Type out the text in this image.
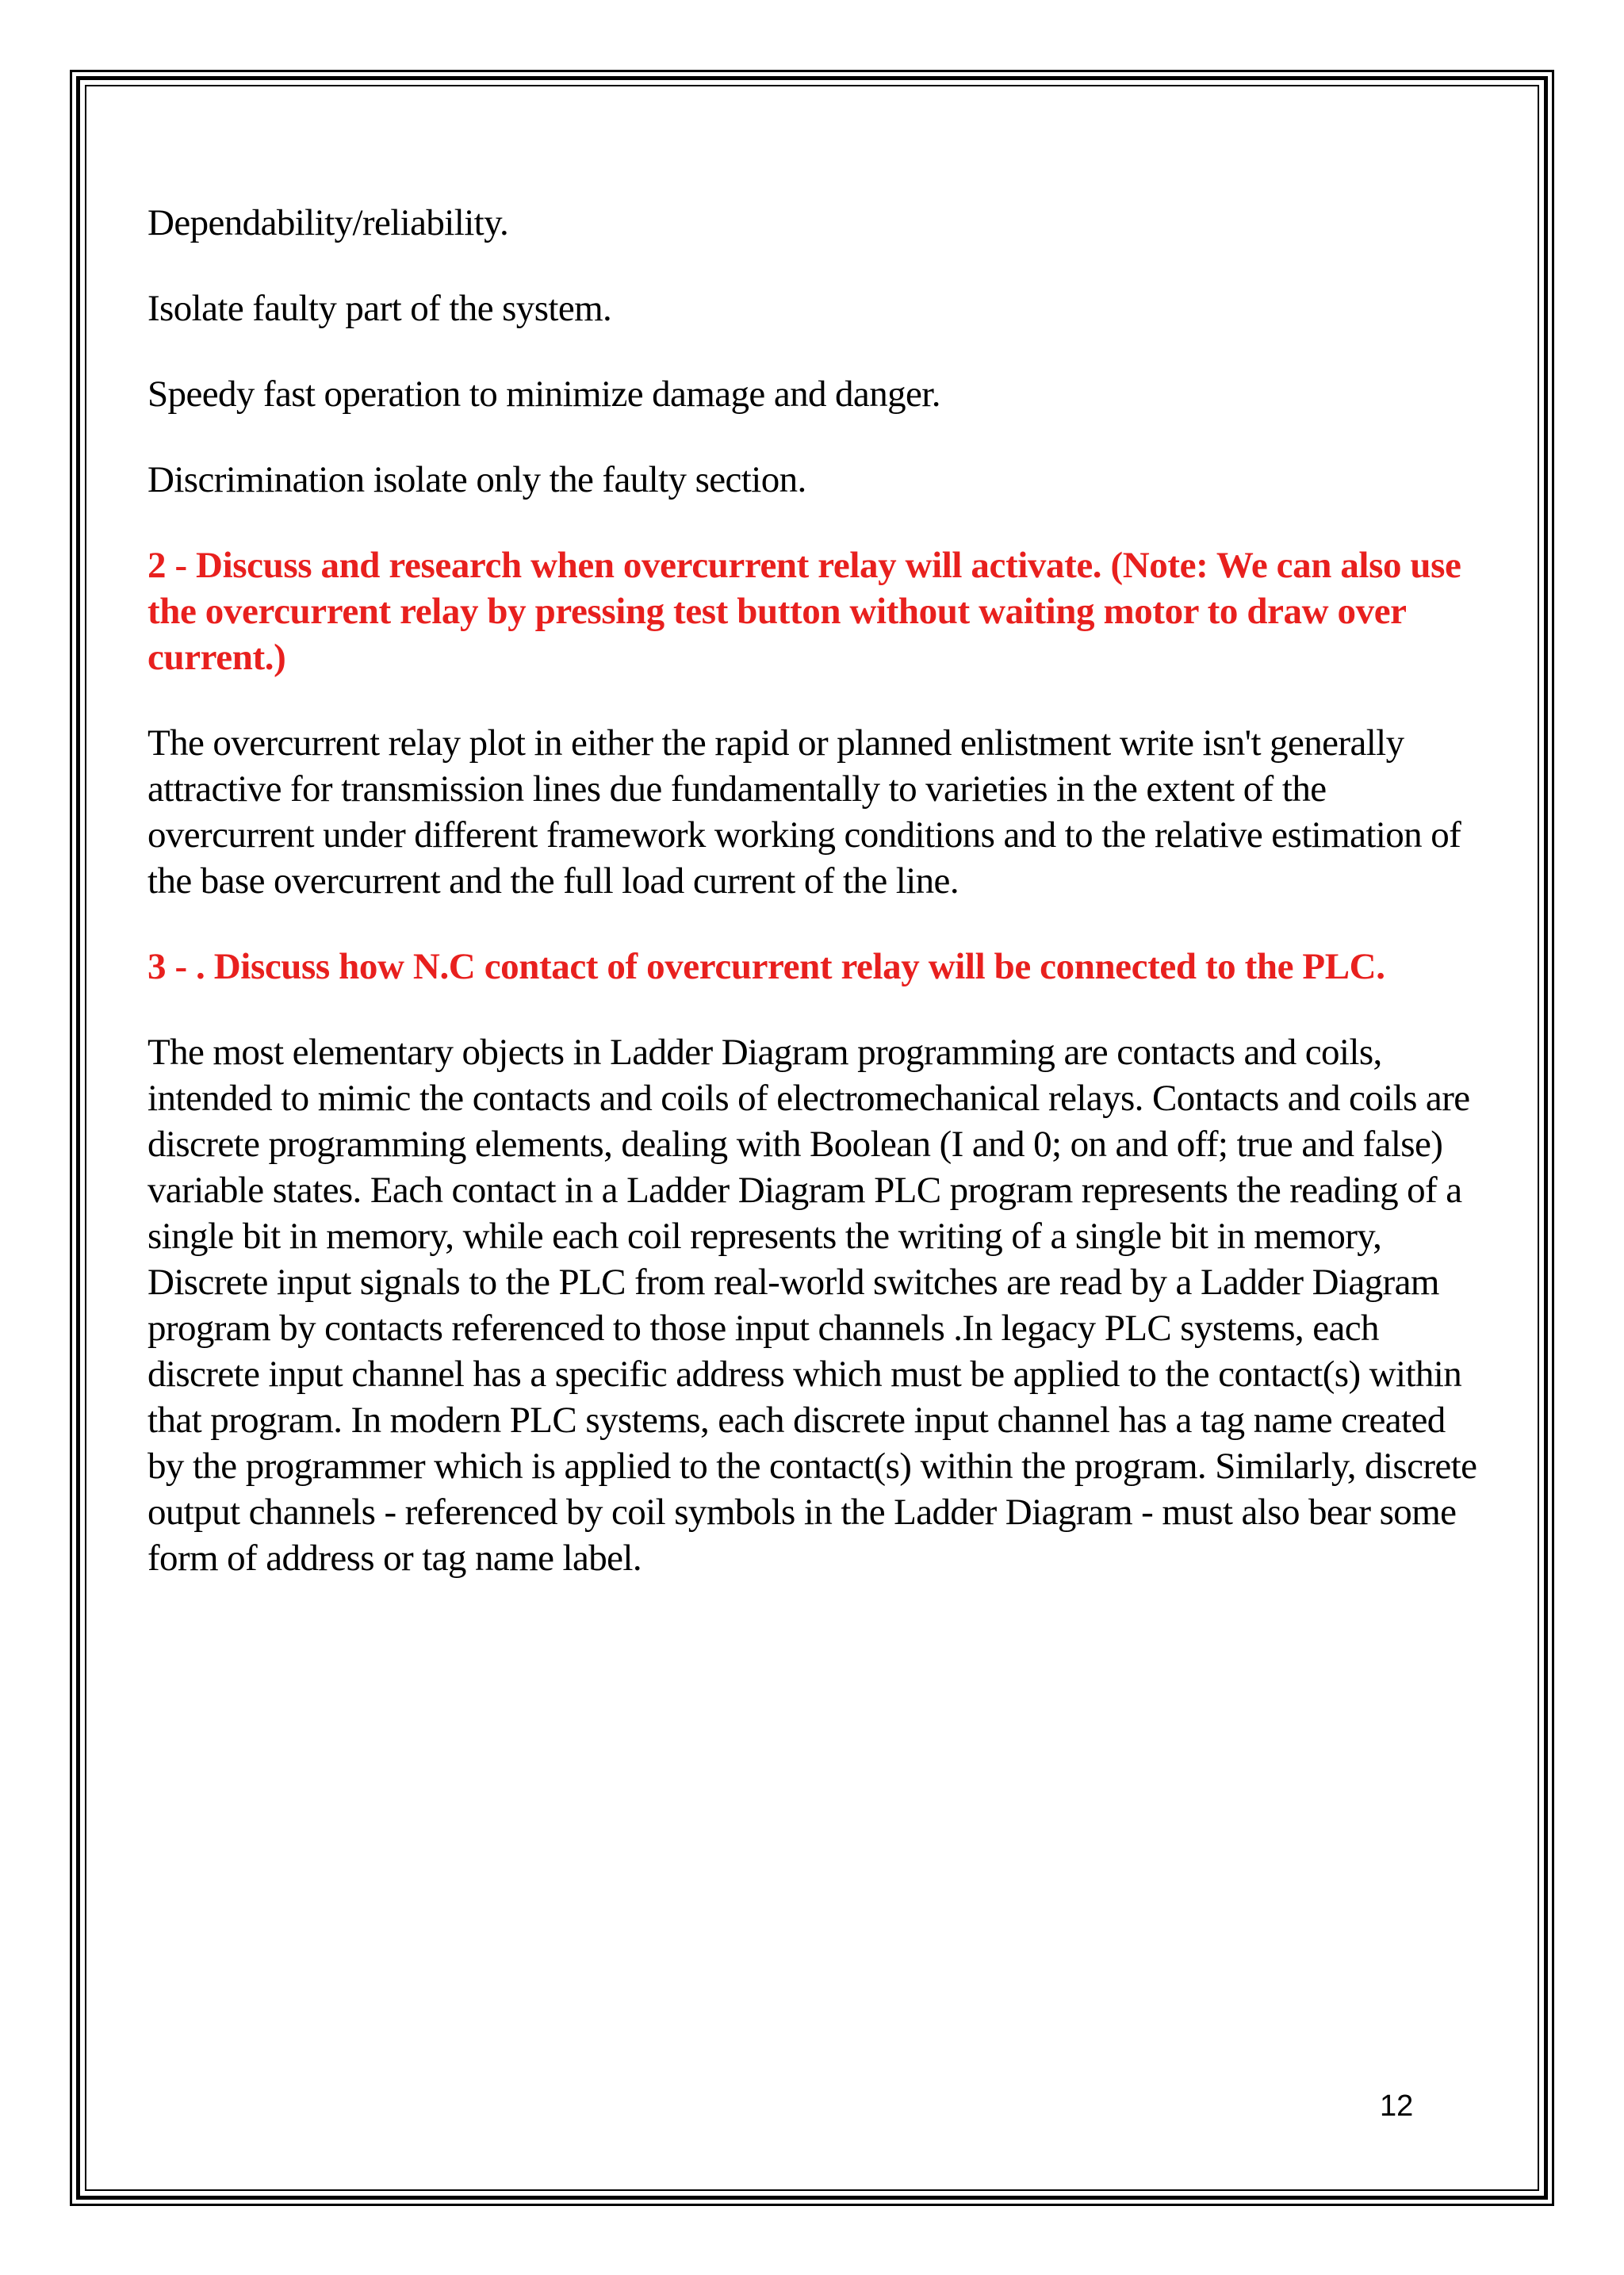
Dependability/reliability.

Isolate faulty part of the system.

Speedy fast operation to minimize damage and danger.

Discrimination isolate only the faulty section.

2 - Discuss and research when overcurrent relay will activate. (Note: We can also use the overcurrent relay by pressing test button without waiting motor to draw over current.)

The overcurrent relay plot in either the rapid or planned enlistment write isn't generally attractive for transmission lines due fundamentally to varieties in the extent of the overcurrent under different framework working conditions and to the relative estimation of the base overcurrent and the full load current of the line.

3 - . Discuss how N.C contact of overcurrent relay will be connected to the PLC.

The most elementary objects in Ladder Diagram programming are contacts and coils, intended to mimic the contacts and coils of electromechanical relays. Contacts and coils are discrete programming elements, dealing with Boolean (I and 0; on and off; true and false) variable states. Each contact in a Ladder Diagram PLC program represents the reading of a single bit in memory, while each coil represents the writing of a single bit in memory, Discrete input signals to the PLC from real-world switches are read by a Ladder Diagram program by contacts referenced to those input channels .In legacy PLC systems, each discrete input channel has a specific address which must be applied to the contact(s) within that program. In modern PLC systems, each discrete input channel has a tag name created by the programmer which is applied to the contact(s) within the program. Similarly, discrete output channels - referenced by coil symbols in the Ladder Diagram - must also bear some form of address or tag name label.

12
